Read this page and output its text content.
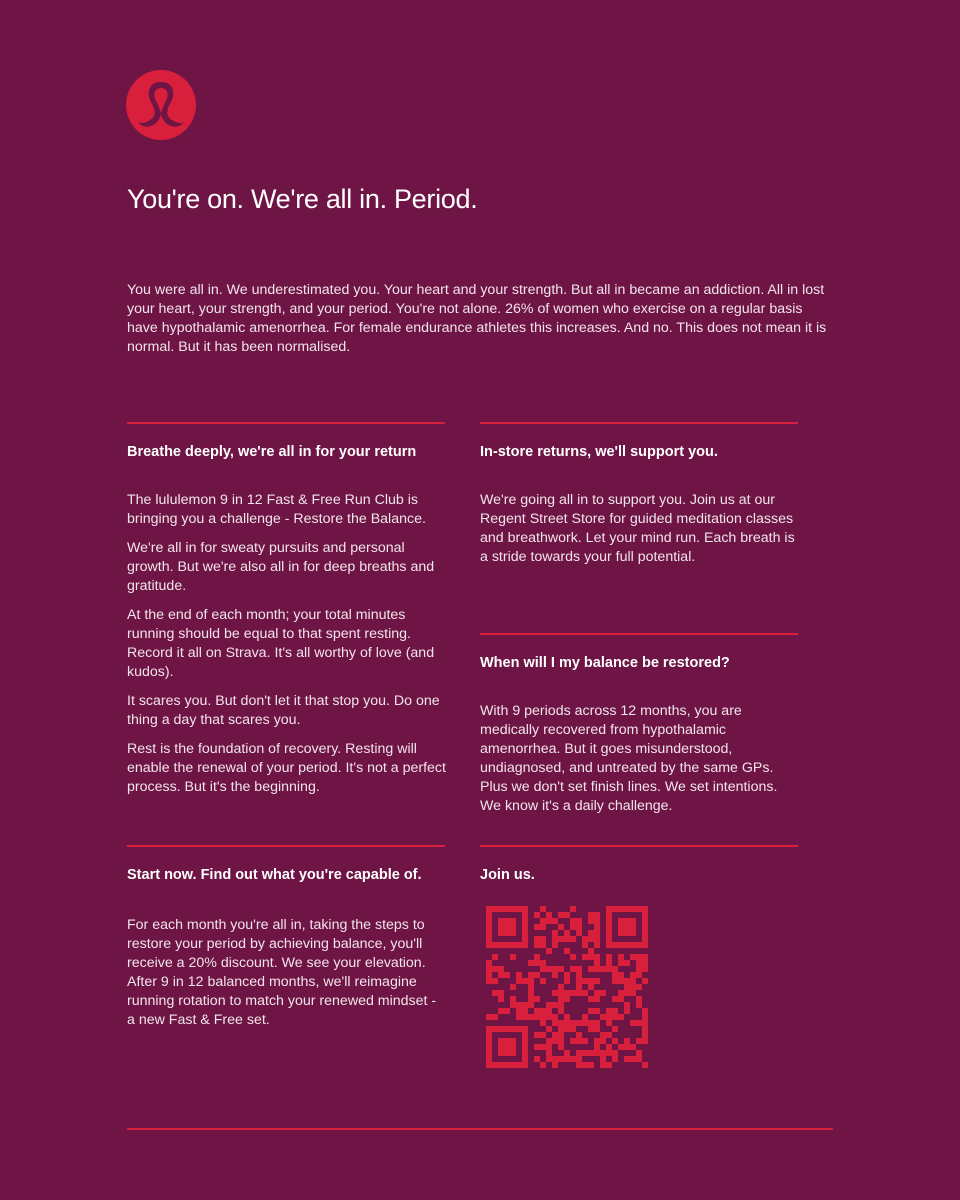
You're on. We're all in. Period.

You were all in. We underestimated you. Your heart and your strength. But all in became an addiction. All in lost your heart, your strength, and your period. You're not alone. 26% of women who exercise on a regular basis have hypothalamic amenorrhea. For female endurance athletes this increases. And no. This does not mean it is normal. But it has been normalised.

Breathe deeply, we're all in for your return

The lululemon 9 in 12 Fast & Free Run Club is bringing you a challenge - Restore the Balance.

We're all in for sweaty pursuits and personal growth. But we're also all in for deep breaths and gratitude.

At the end of each month; your total minutes running should be equal to that spent resting. Record it all on Strava. It's all worthy of love (and kudos).

It scares you. But don't let it that stop you. Do one thing a day that scares you.

Rest is the foundation of recovery. Resting will enable the renewal of your period. It's not a perfect process. But it's the beginning.

In-store returns, we'll support you.

We're going all in to support you. Join us at our Regent Street Store for guided meditation classes and breathwork. Let your mind run. Each breath is a stride towards your full potential.

When will I my balance be restored?

With 9 periods across 12 months, you are medically recovered from hypothalamic amenorrhea. But it goes misunderstood, undiagnosed, and untreated by the same GPs. Plus we don't set finish lines. We set intentions. We know it's a daily challenge.

Start now. Find out what you're capable of.

For each month you're all in, taking the steps to restore your period by achieving balance, you'll receive a 20% discount. We see your elevation. After 9 in 12 balanced months, we'll reimagine running rotation to match your renewed mindset - a new Fast & Free set.

Join us.
